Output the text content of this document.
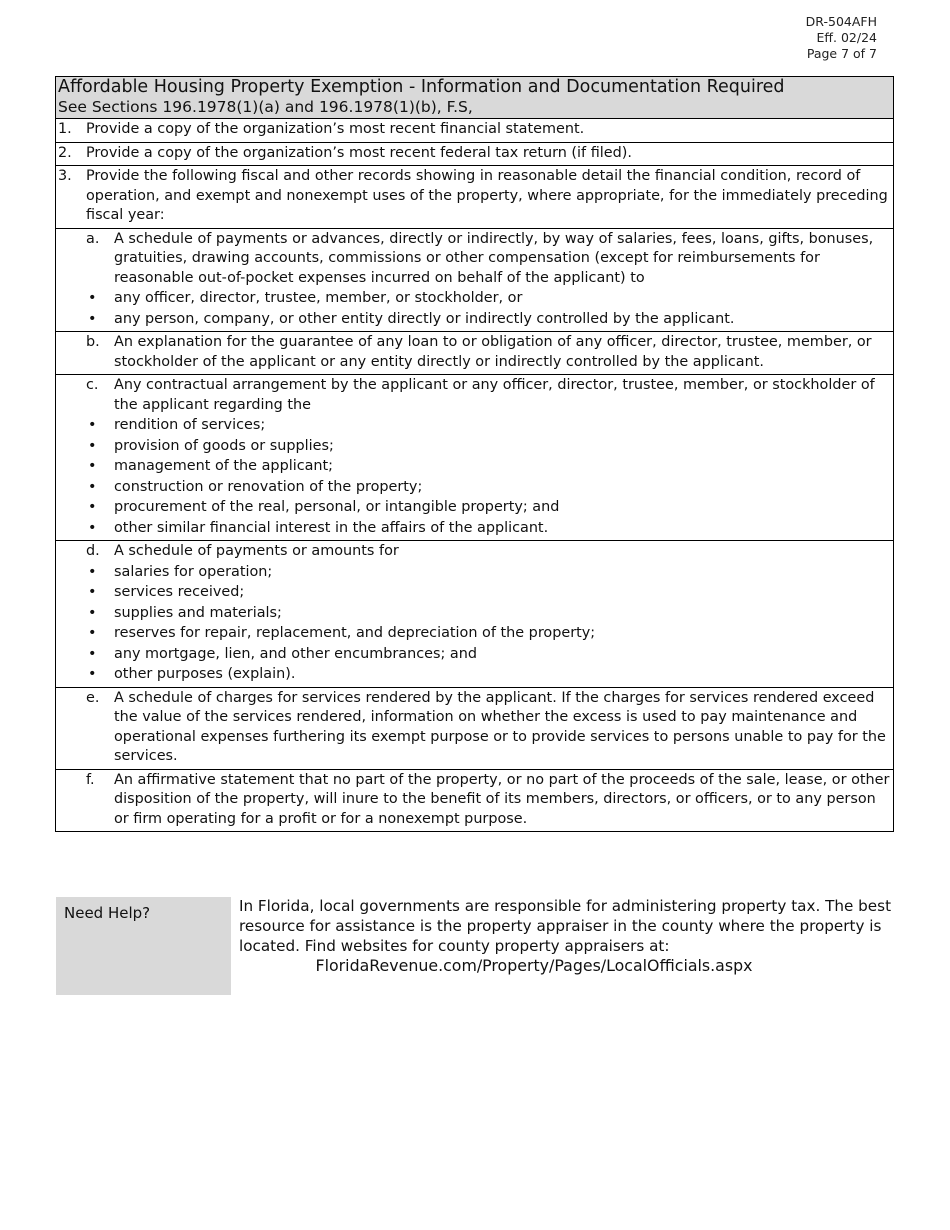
DR-504AFH
Eff. 02/24
Page 7 of 7
Affordable Housing Property Exemption - Information and Documentation Required
See Sections 196.1978(1)(a) and 196.1978(1)(b), F.S,

1. Provide a copy of the organization’s most recent financial statement.

2. Provide a copy of the organization’s most recent federal tax return (if filed).

3. Provide the following fiscal and other records showing in reasonable detail the financial condition, record of operation, and exempt and nonexempt uses of the property, where appropriate, for the immediately preceding fiscal year:

a. A schedule of payments or advances, directly or indirectly, by way of salaries, fees, loans, gifts, bonuses, gratuities, drawing accounts, commissions or other compensation (except for reimbursements for reasonable out-of-pocket expenses incurred on behalf of the applicant) to
• any officer, director, trustee, member, or stockholder, or
• any person, company, or other entity directly or indirectly controlled by the applicant.

b. An explanation for the guarantee of any loan to or obligation of any officer, director, trustee, member, or stockholder of the applicant or any entity directly or indirectly controlled by the applicant.

c. Any contractual arrangement by the applicant or any officer, director, trustee, member, or stockholder of the applicant regarding the
• rendition of services;
• provision of goods or supplies;
• management of the applicant;
• construction or renovation of the property;
• procurement of the real, personal, or intangible property; and
• other similar financial interest in the affairs of the applicant.

d. A schedule of payments or amounts for
• salaries for operation;
• services received;
• supplies and materials;
• reserves for repair, replacement, and depreciation of the property;
• any mortgage, lien, and other encumbrances; and
• other purposes (explain).

e. A schedule of charges for services rendered by the applicant. If the charges for services rendered exceed the value of the services rendered, information on whether the excess is used to pay maintenance and operational expenses furthering its exempt purpose or to provide services to persons unable to pay for the services.

f. An affirmative statement that no part of the property, or no part of the proceeds of the sale, lease, or other disposition of the property, will inure to the benefit of its members, directors, or officers, or to any person or firm operating for a profit or for a nonexempt purpose.
Need Help?	In Florida, local governments are responsible for administering property tax. The best resource for assistance is the property appraiser in the county where the property is located. Find websites for county property appraisers at:
FloridaRevenue.com/Property/Pages/LocalOfficials.aspx
